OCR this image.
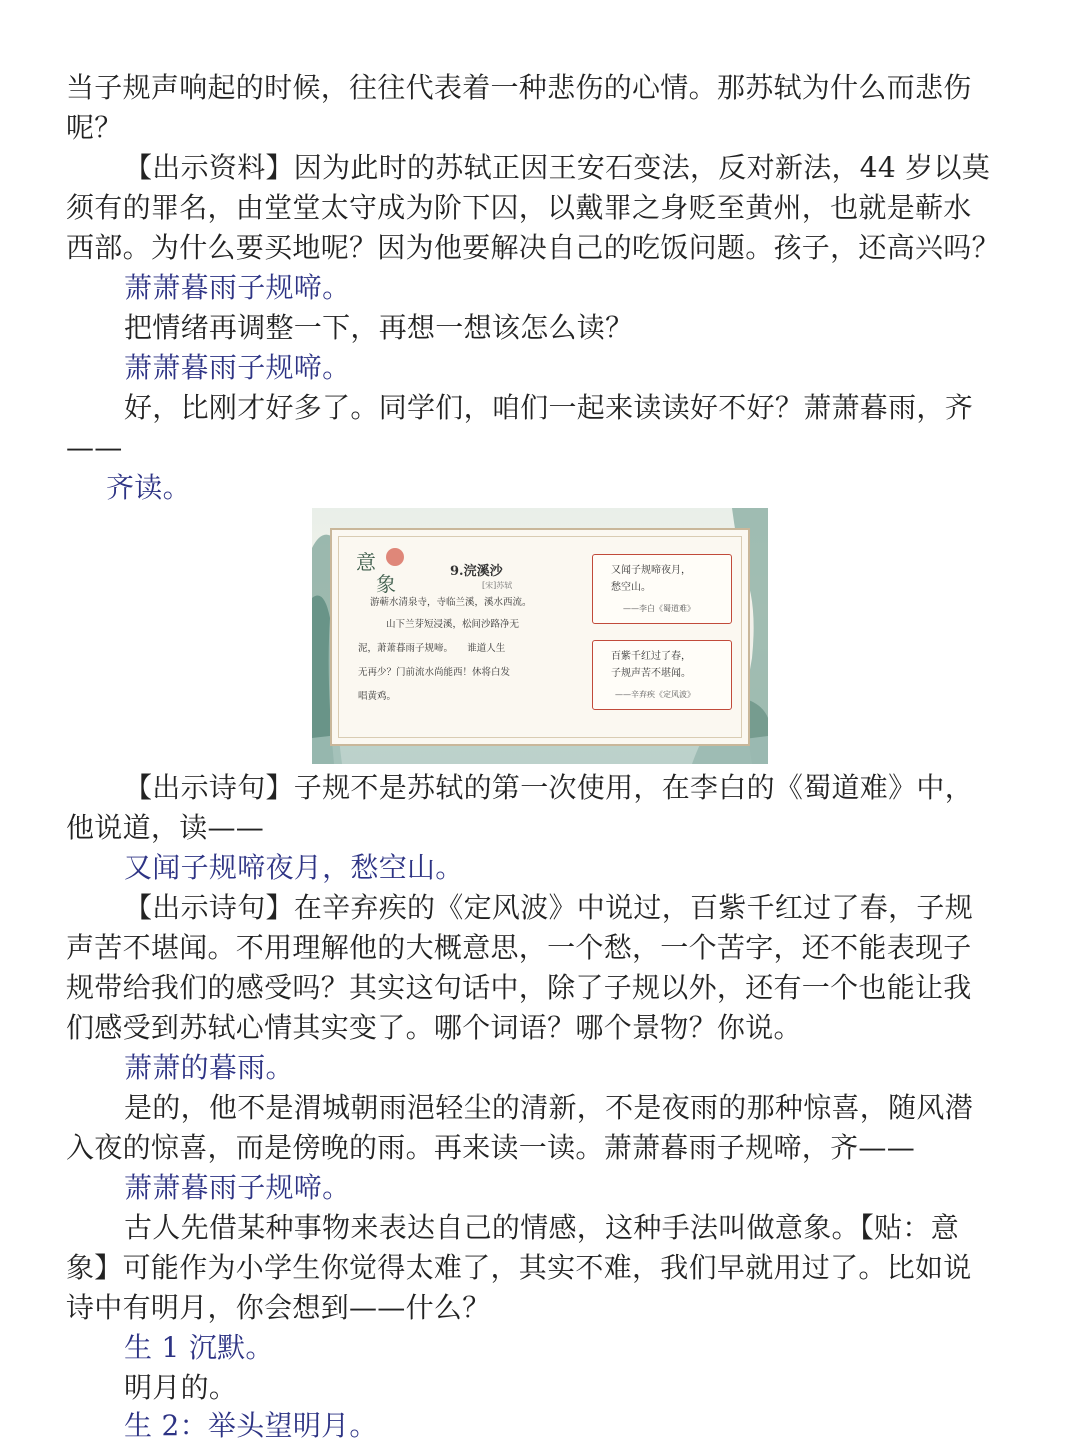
当子规声响起的时候，往往代表着一种悲伤的心情。那苏轼为什么而悲伤
呢？
【出示资料】因为此时的苏轼正因王安石变法，反对新法，44 岁以莫
须有的罪名，由堂堂太守成为阶下囚，以戴罪之身贬至黄州，也就是蕲水
西部。为什么要买地呢？因为他要解决自己的吃饭问题。孩子，还高兴吗？
萧萧暮雨子规啼。
把情绪再调整一下，再想一想该怎么读？
萧萧暮雨子规啼。
好，比刚才好多了。同学们，咱们一起来读读好不好？萧萧暮雨，齐
——
齐读。
意
象
9.浣溪沙
[宋]苏轼
游蕲水清泉寺，寺临兰溪，溪水西流。
山下兰芽短浸溪，松间沙路净无
泥，萧萧暮雨子规啼。　　谁道人生
无再少？门前流水尚能西！休将白发
唱黄鸡。
又闻子规啼夜月，
愁空山。
——李白《蜀道难》
百紫千红过了春，
子规声苦不堪闻。
——辛弃疾《定风波》
【出示诗句】子规不是苏轼的第一次使用，在李白的《蜀道难》中，
他说道，读——
又闻子规啼夜月，愁空山。
【出示诗句】在辛弃疾的《定风波》中说过，百紫千红过了春，子规
声苦不堪闻。不用理解他的大概意思，一个愁，一个苦字，还不能表现子
规带给我们的感受吗？其实这句话中，除了子规以外，还有一个也能让我
们感受到苏轼心情其实变了。哪个词语？哪个景物？你说。
萧萧的暮雨。
是的，他不是渭城朝雨浥轻尘的清新，不是夜雨的那种惊喜，随风潜
入夜的惊喜，而是傍晚的雨。再来读一读。萧萧暮雨子规啼，齐——
萧萧暮雨子规啼。
古人先借某种事物来表达自己的情感，这种手法叫做意象。【贴：意
象】可能作为小学生你觉得太难了，其实不难，我们早就用过了。比如说
诗中有明月，你会想到——什么？
生 1 沉默。
明月的。
生 2：举头望明月。
